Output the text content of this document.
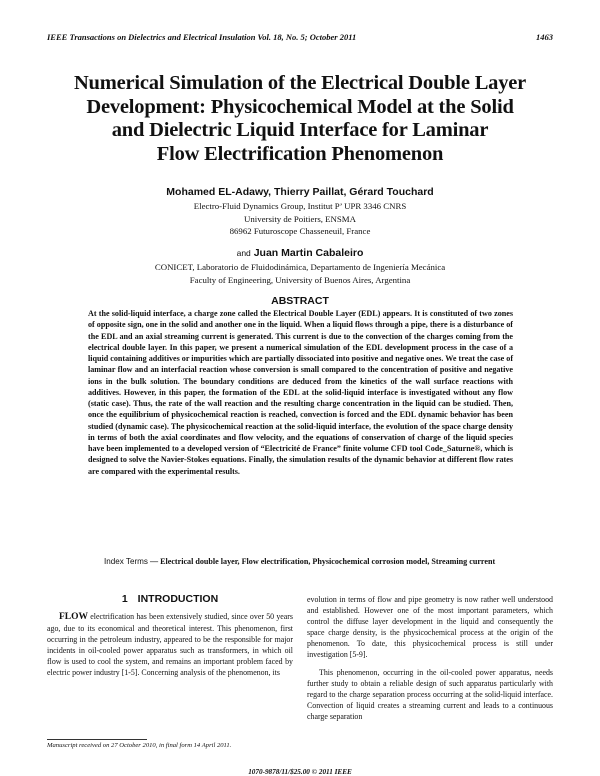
IEEE Transactions on Dielectrics and Electrical Insulation Vol. 18, No. 5; October 2011	1463
Numerical Simulation of the Electrical Double Layer
Development: Physicochemical Model at the Solid
and Dielectric Liquid Interface for Laminar
Flow Electrification Phenomenon
Mohamed EL-Adawy, Thierry Paillat, Gérard Touchard
Electro-Fluid Dynamics Group, Institut P’ UPR 3346 CNRS
University de Poitiers, ENSMA
86962 Futuroscope Chasseneuil, France
and Juan Martin Cabaleiro
CONICET, Laboratorio de Fluidodinámica, Departamento de Ingeniería Mecánica
Faculty of Engineering, University of Buenos Aires, Argentina
ABSTRACT
At the solid-liquid interface, a charge zone called the Electrical Double Layer (EDL) appears. It is constituted of two zones of opposite sign, one in the solid and another one in the liquid. When a liquid flows through a pipe, there is a disturbance of the EDL and an axial streaming current is generated. This current is due to the convection of the charges coming from the electrical double layer. In this paper, we present a numerical simulation of the EDL development process in the case of a liquid containing additives or impurities which are partially dissociated into positive and negative ones. We treat the case of laminar flow and an interfacial reaction whose conversion is small compared to the concentration of positive and negative ions in the bulk solution. The boundary conditions are deduced from the kinetics of the wall surface reactions with additives. However, in this paper, the formation of the EDL at the solid-liquid interface is investigated without any flow (static case). Thus, the rate of the wall reaction and the resulting charge concentration in the liquid can be studied. Then, once the equilibrium of physicochemical reaction is reached, convection is forced and the EDL dynamic behavior has been studied (dynamic case). The physicochemical reaction at the solid-liquid interface, the evolution of the space charge density in terms of both the axial coordinates and flow velocity, and the equations of conservation of charge of the liquid species have been implemented to a developed version of “Electricité de France” finite volume CFD tool Code_Saturne®, which is designed to solve the Navier-Stokes equations. Finally, the simulation results of the dynamic behavior at different flow rates are compared with the experimental results.
Index Terms — Electrical double layer, Flow electrification, Physicochemical corrosion model, Streaming current
1 INTRODUCTION
FLOW electrification has been extensively studied, since over 50 years ago, due to its economical and theoretical interest. This phenomenon, first occurring in the petroleum industry, appeared to be the responsible for major incidents in oil-cooled power apparatus such as transformers, in which oil flow is used to cool the system, and remains an important problem faced by electric power industry [1-5]. Concerning analysis of the phenomenon, its
evolution in terms of flow and pipe geometry is now rather well understood and established. However one of the most important parameters, which control the diffuse layer development in the liquid and consequently the space charge density, is the physicochemical process at the origin of the phenomenon. To date, this physicochemical process is still under investigation [5-9].
This phenomenon, occurring in the oil-cooled power apparatus, needs further study to obtain a reliable design of such apparatus particularly with regard to the charge separation process occurring at the solid-liquid interface. Convection of liquid creates a streaming current and leads to a continuous charge separation
Manuscript received on 27 October 2010, in final form 14 April 2011.
1070-9878/11/$25.00 © 2011 IEEE
